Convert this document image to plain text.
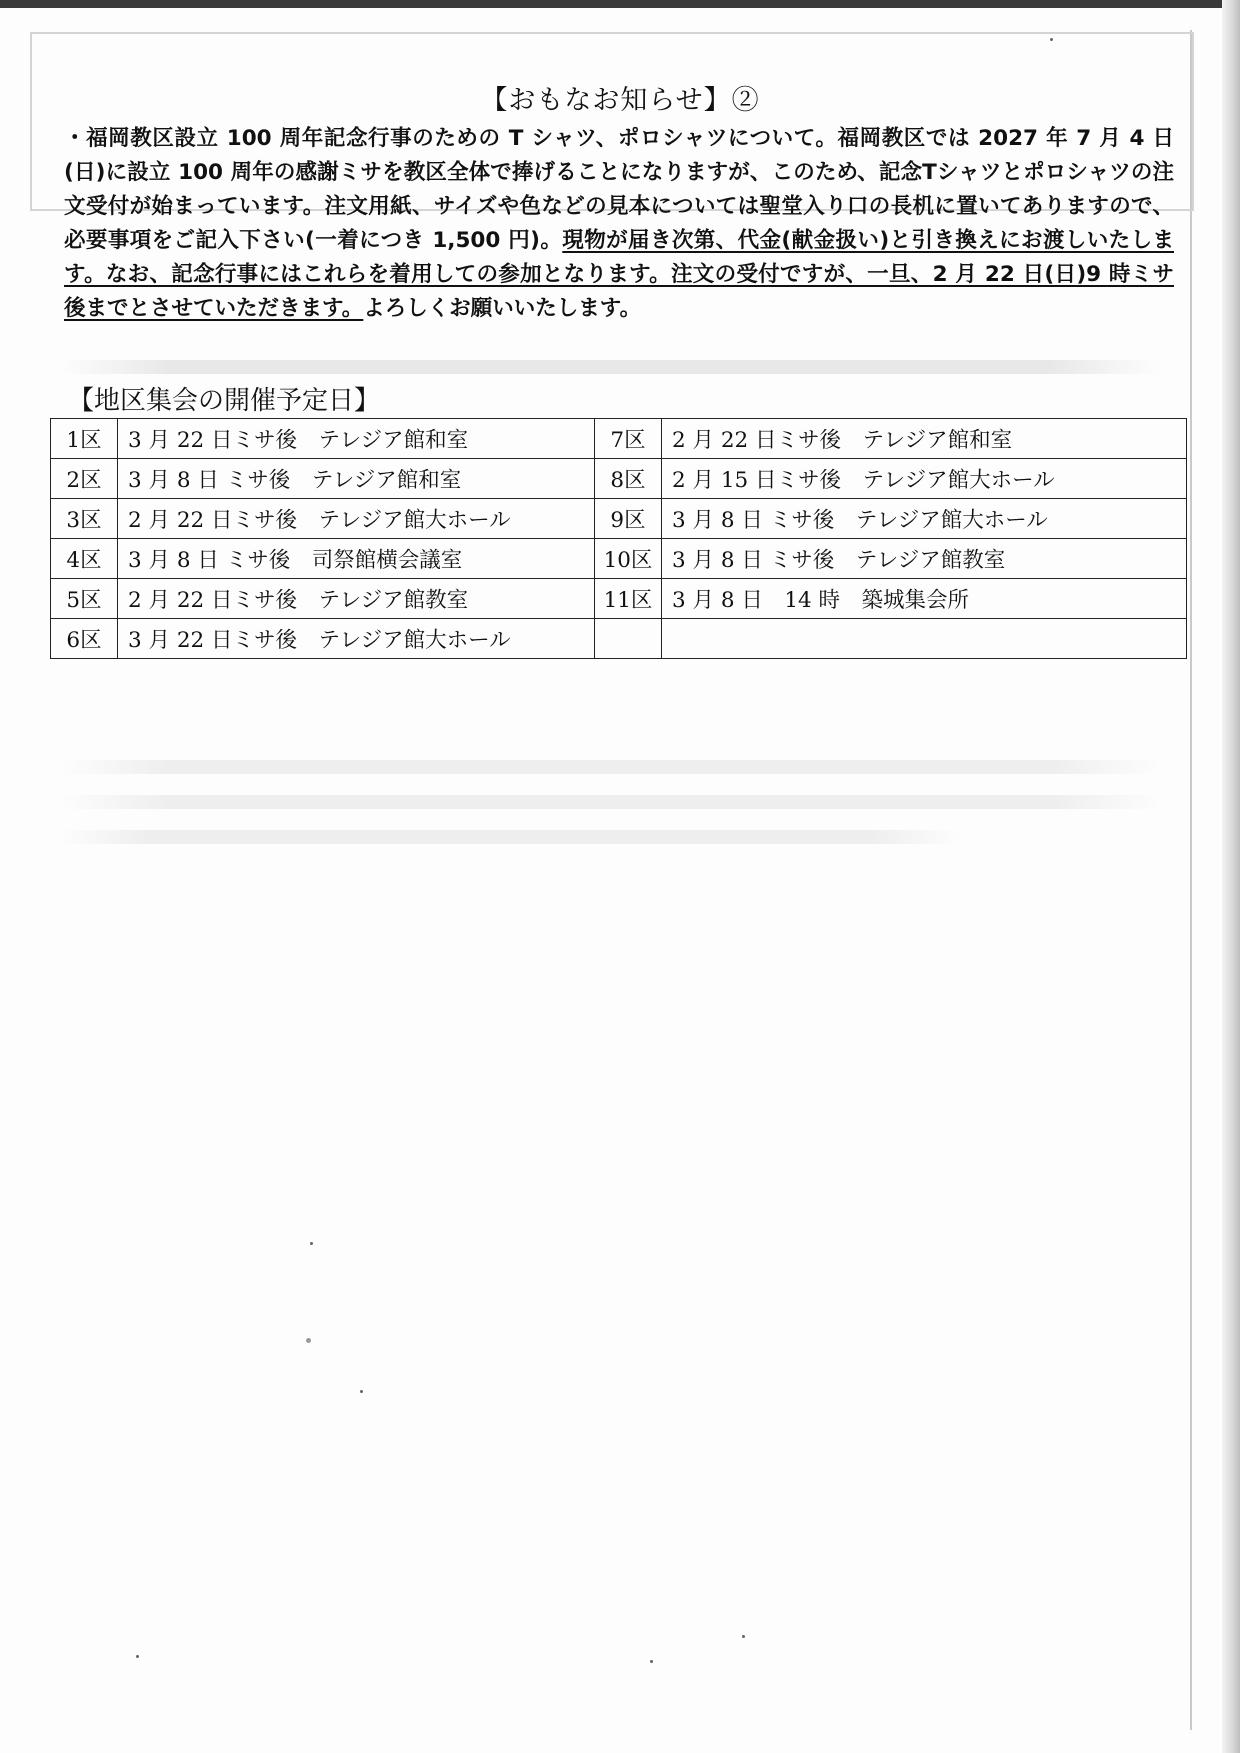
【おもなお知らせ】②
・福岡教区設立 100 周年記念行事のための T シャツ、ポロシャツについて。福岡教区では 2027 年 7 月 4 日(日)に設立 100 周年の感謝ミサを教区全体で捧げることになりますが、このため、記念Tシャツとポロシャツの注文受付が始まっています。注文用紙、サイズや色などの見本については聖堂入り口の長机に置いてありますので、必要事項をご記入下さい(一着につき 1,500 円)。現物が届き次第、代金(献金扱い)と引き換えにお渡しいたします。なお、記念行事にはこれらを着用しての参加となります。注文の受付ですが、一旦、2 月 22 日(日)9 時ミサ後までとさせていただきます。よろしくお願いいたします。
【地区集会の開催予定日】
1区	3 月 22 日ミサ後　テレジア館和室	7区	2 月 22 日ミサ後　テレジア館和室
2区	3 月 8 日 ミサ後　テレジア館和室	8区	2 月 15 日ミサ後　テレジア館大ホール
3区	2 月 22 日ミサ後　テレジア館大ホール	9区	3 月 8 日 ミサ後　テレジア館大ホール
4区	3 月 8 日 ミサ後　司祭館横会議室	10区	3 月 8 日 ミサ後　テレジア館教室
5区	2 月 22 日ミサ後　テレジア館教室	11区	3 月 8 日　14 時　築城集会所
6区	3 月 22 日ミサ後　テレジア館大ホール		
